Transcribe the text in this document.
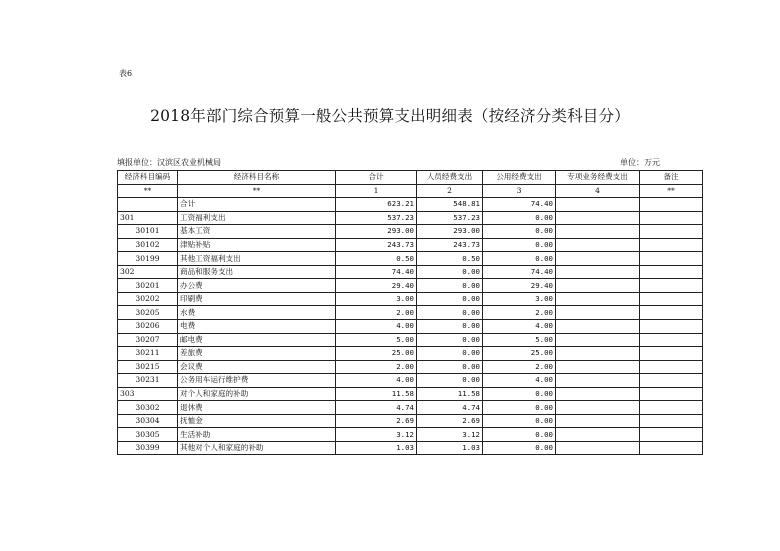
表6
2018年部门综合预算一般公共预算支出明细表（按经济分类科目分）
填报单位：汉滨区农业机械局	单位：万元
经济科目编码	经济科目名称	合计	人员经费支出	公用经费支出	专项业务经费支出	备注
**	**	1	2	3	4	**
	合计	623.21	548.81	74.40		
301	工资福利支出	537.23	537.23	0.00		
30101	基本工资	293.00	293.00	0.00		
30102	津贴补贴	243.73	243.73	0.00		
30199	其他工资福利支出	0.50	0.50	0.00		
302	商品和服务支出	74.40	0.00	74.40		
30201	办公费	29.40	0.00	29.40		
30202	印刷费	3.00	0.00	3.00		
30205	水费	2.00	0.00	2.00		
30206	电费	4.00	0.00	4.00		
30207	邮电费	5.00	0.00	5.00		
30211	差旅费	25.00	0.00	25.00		
30215	会议费	2.00	0.00	2.00		
30231	公务用车运行维护费	4.00	0.00	4.00		
303	对个人和家庭的补助	11.58	11.58	0.00		
30302	退休费	4.74	4.74	0.00		
30304	抚恤金	2.69	2.69	0.00		
30305	生活补助	3.12	3.12	0.00		
30399	其他对个人和家庭的补助	1.03	1.03	0.00		
